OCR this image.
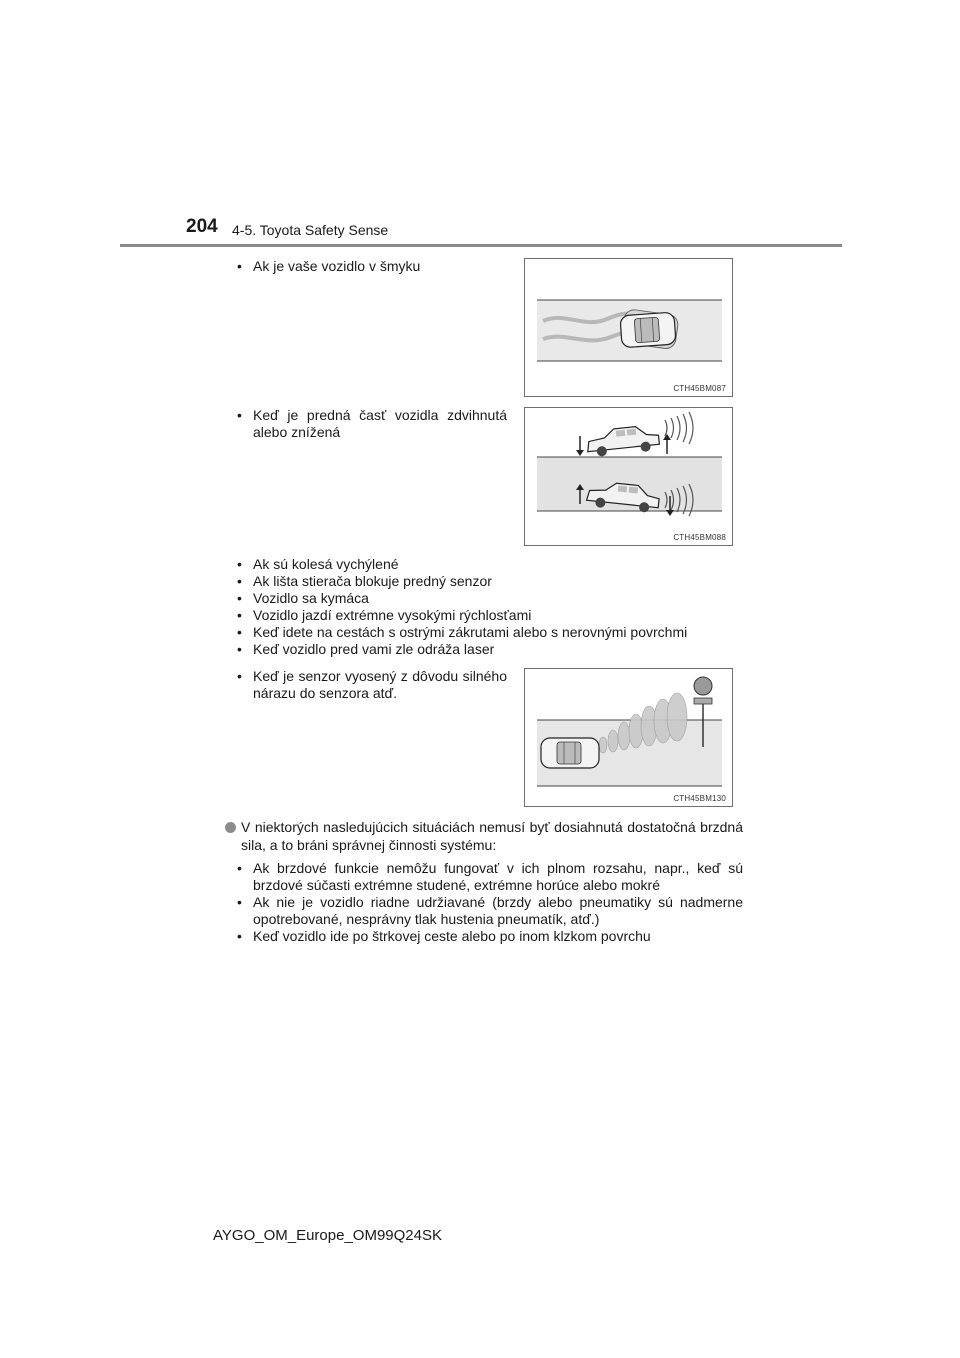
204 4-5. Toyota Safety Sense
• Ak je vaše vozidlo v šmyku
CTH45BM087
• Keď je predná časť vozidla zdvihnutá alebo znížená
CTH45BM088
• Ak sú kolesá vychýlené
• Ak lišta stierača blokuje predný senzor
• Vozidlo sa kymáca
• Vozidlo jazdí extrémne vysokými rýchlosťami
• Keď idete na cestách s ostrými zákrutami alebo s nerovnými povrchmi
• Keď vozidlo pred vami zle odráža laser
• Keď je senzor vyosený z dôvodu silného nárazu do senzora atď.
CTH45BM130
V niektorých nasledujúcich situáciách nemusí byť dosiahnutá dostatočná brzdná sila, a to bráni správnej činnosti systému:
• Ak brzdové funkcie nemôžu fungovať v ich plnom rozsahu, napr., keď sú brzdové súčasti extrémne studené, extrémne horúce alebo mokré
• Ak nie je vozidlo riadne udržiavané (brzdy alebo pneumatiky sú nadmerne opotrebované, nesprávny tlak hustenia pneumatík, atď.)
• Keď vozidlo ide po štrkovej ceste alebo po inom klzkom povrchu
AYGO_OM_Europe_OM99Q24SK
